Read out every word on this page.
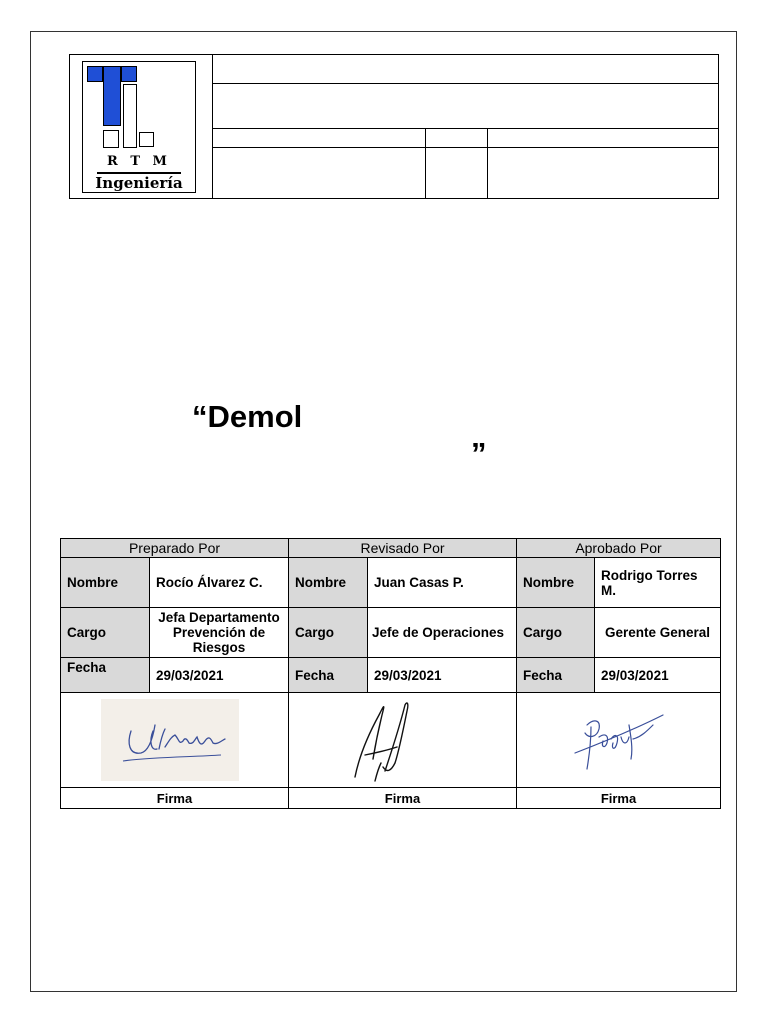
R T M
Ingeniería
“Demol
”
Preparado Por		Revisado Por		Aprobado Por	
Nombre	Rocío Álvarez C.	Nombre	Juan Casas P.	Nombre	Rodrigo Torres M.
Cargo	Jefa Departamento Prevención de Riesgos	Cargo	Jefe de Operaciones	Cargo	Gerente General
Fecha	29/03/2021	Fecha	29/03/2021	Fecha	29/03/2021

Firma		Firma		Firma	
